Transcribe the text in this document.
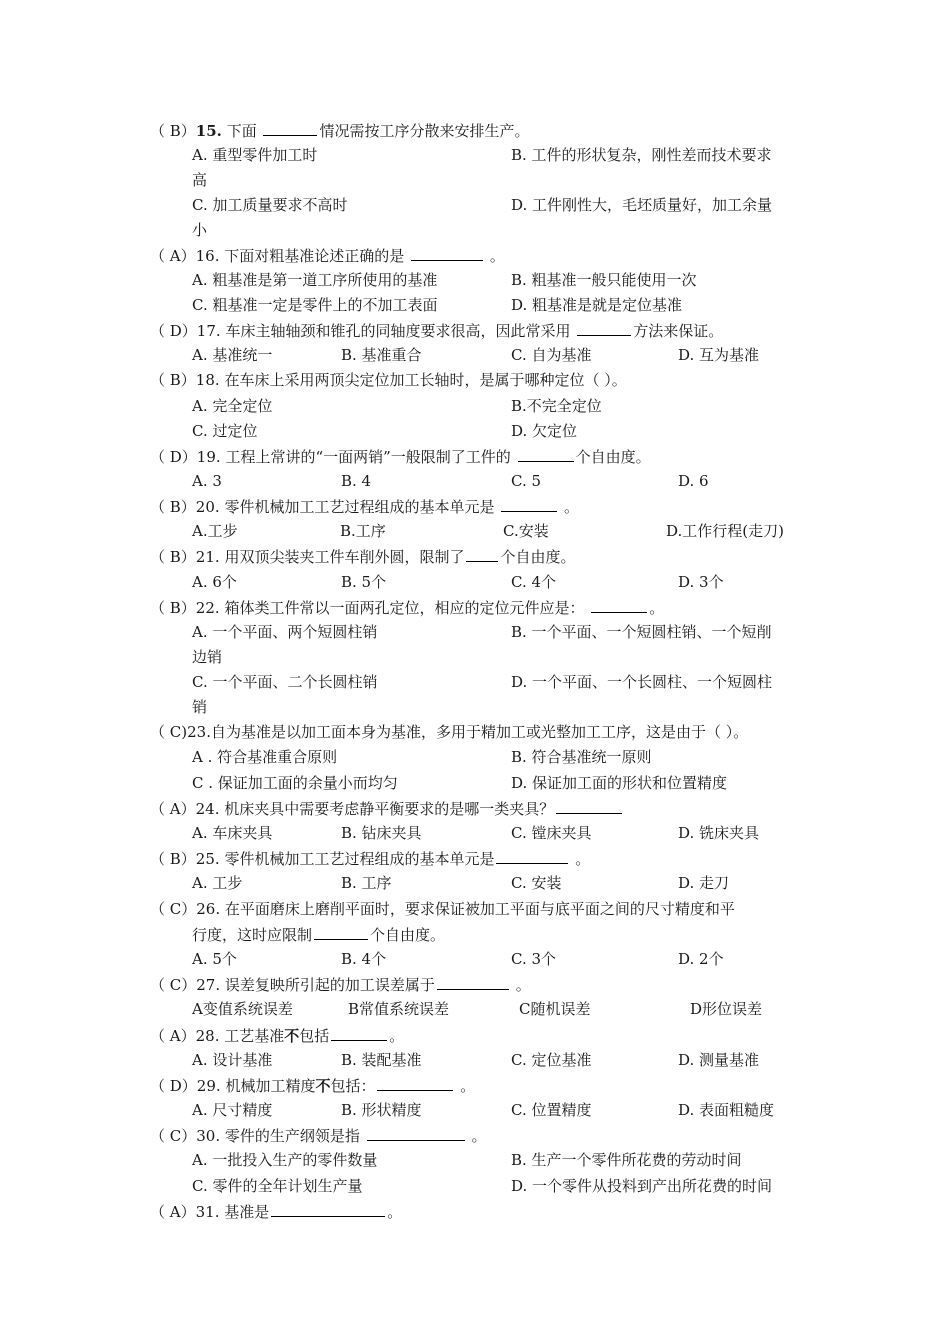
（ B）15. 下面	情况需按工序分散来安排生产。
A. 重型零件加工时	B. 工件的形状复杂，刚性差而技术要求
高
C. 加工质量要求不高时	D. 工件刚性大，毛坯质量好，加工余量
小
（ A）16. 下面对粗基准论述正确的是	。
A. 粗基准是第一道工序所使用的基准	B. 粗基准一般只能使用一次
C. 粗基准一定是零件上的不加工表面	D. 粗基准是就是定位基准
（ D）17. 车床主轴轴颈和锥孔的同轴度要求很高，因此常采用	方法来保证。
A. 基准统一	B. 基准重合	C. 自为基准	D. 互为基准
（ B）18. 在车床上采用两顶尖定位加工长轴时，是属于哪种定位（ ）。
A. 完全定位	B.不完全定位
C. 过定位	D. 欠定位
（ D）19. 工程上常讲的“一面两销”一般限制了工件的	个自由度。
A. 3	B. 4	C. 5	D. 6
（ B）20. 零件机械加工工艺过程组成的基本单元是	。
A.工步	B.工序	C.安装	D.工作行程(走刀)
（ B）21. 用双顶尖装夹工件车削外圆，限制了 个自由度。
A. 6个	B. 5个	C. 4个	D. 3个
（ B）22. 箱体类工件常以一面两孔定位，相应的定位元件应是：	。
A. 一个平面、两个短圆柱销	B. 一个平面、一个短圆柱销、一个短削
边销
C. 一个平面、二个长圆柱销	D. 一个平面、一个长圆柱、一个短圆柱
销
（ C)23.自为基准是以加工面本身为基准，多用于精加工或光整加工工序，这是由于（ ）。
A . 符合基准重合原则	B. 符合基准统一原则
C . 保证加工面的余量小而均匀	D. 保证加工面的形状和位置精度
（ A）24. 机床夹具中需要考虑静平衡要求的是哪一类夹具？
A. 车床夹具	B. 钻床夹具	C. 镗床夹具	D. 铣床夹具
（ B）25. 零件机械加工工艺过程组成的基本单元是	。
A. 工步	B. 工序	C. 安装	D. 走刀
（ C）26. 在平面磨床上磨削平面时，要求保证被加工平面与底平面之间的尺寸精度和平
行度，这时应限制	个自由度。
A. 5个	B. 4个	C. 3个	D. 2个
（ C）27. 误差复映所引起的加工误差属于	。
A变值系统误差	B常值系统误差	C随机误差	D形位误差
（ A）28. 工艺基准不包括	。
A. 设计基准	B. 装配基准	C. 定位基准	D. 测量基准
（ D）29. 机械加工精度不包括：	。
A. 尺寸精度	B. 形状精度	C. 位置精度	D. 表面粗糙度
（ C）30. 零件的生产纲领是指	。
A. 一批投入生产的零件数量	B. 生产一个零件所花费的劳动时间
C. 零件的全年计划生产量	D. 一个零件从投料到产出所花费的时间
（ A）31. 基准是	。
